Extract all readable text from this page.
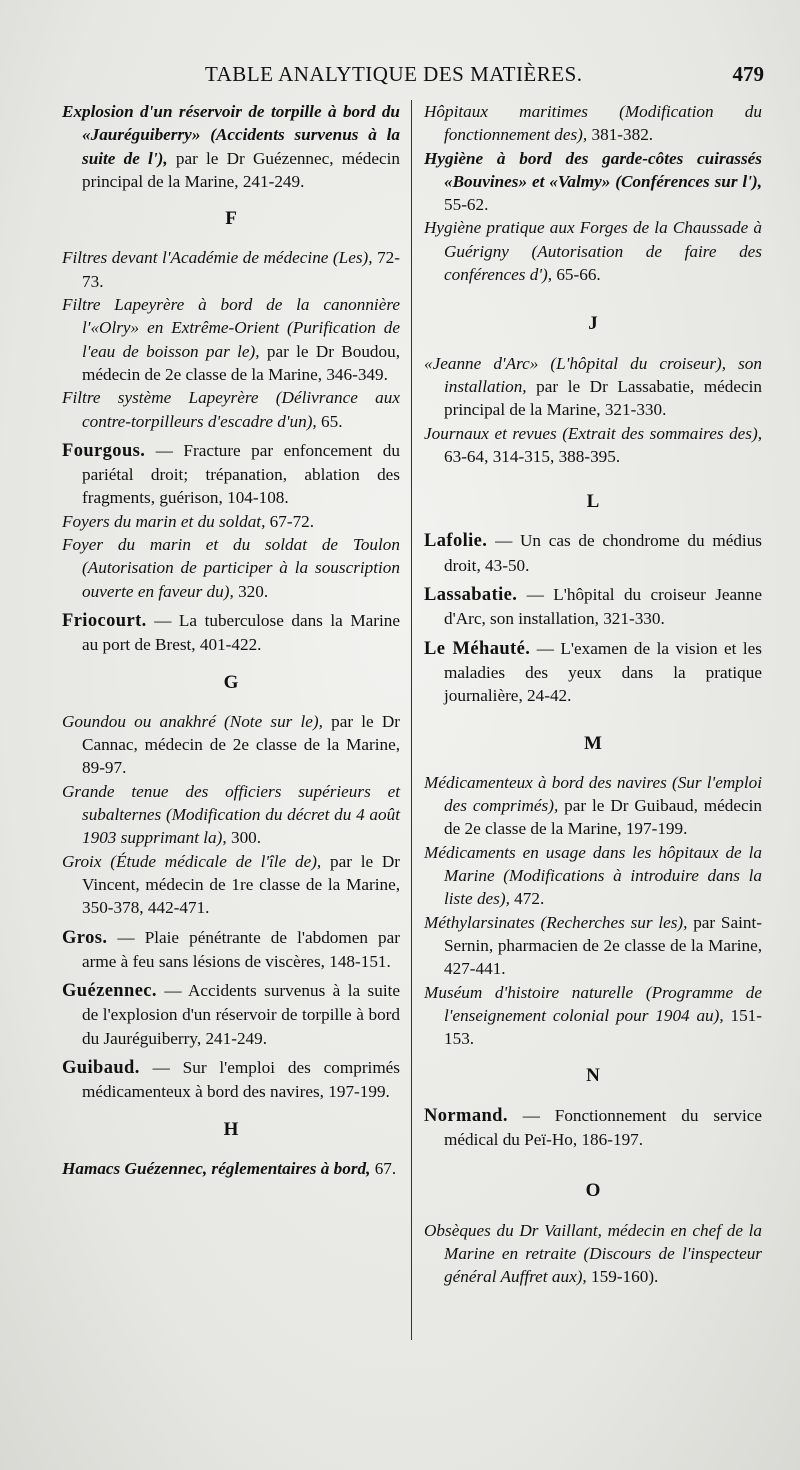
TABLE ANALYTIQUE DES MATIÈRES.	479

Explosion d'un réservoir de torpille à bord du «Jauréguiberry» (Accidents survenus à la suite de l'), par le Dr Guézennec, médecin principal de la Marine, 241-249.

F

Filtres devant l'Académie de médecine (Les), 72-73.

Filtre Lapeyrère à bord de la canonnière l'«Olry» en Extrême-Orient (Purification de l'eau de boisson par le), par le Dr Boudou, médecin de 2e classe de la Marine, 346-349.

Filtre système Lapeyrère (Délivrance aux contre-torpilleurs d'escadre d'un), 65.

Fourgous. — Fracture par enfoncement du pariétal droit; trépanation, ablation des fragments, guérison, 104-108.

Foyers du marin et du soldat, 67-72.

Foyer du marin et du soldat de Toulon (Autorisation de participer à la souscription ouverte en faveur du), 320.

Friocourt. — La tuberculose dans la Marine au port de Brest, 401-422.

G

Goundou ou anakhré (Note sur le), par le Dr Cannac, médecin de 2e classe de la Marine, 89-97.

Grande tenue des officiers supérieurs et subalternes (Modification du décret du 4 août 1903 supprimant la), 300.

Groix (Étude médicale de l'île de), par le Dr Vincent, médecin de 1re classe de la Marine, 350-378, 442-471.

Gros. — Plaie pénétrante de l'abdomen par arme à feu sans lésions de viscères, 148-151.

Guézennec. — Accidents survenus à la suite de l'explosion d'un réservoir de torpille à bord du Jauréguiberry, 241-249.

Guibaud. — Sur l'emploi des comprimés médicamenteux à bord des navires, 197-199.

H

Hamacs Guézennec, réglementaires à bord, 67.

Hôpitaux maritimes (Modification du fonctionnement des), 381-382.

Hygiène à bord des garde-côtes cuirassés «Bouvines» et «Valmy» (Conférences sur l'), 55-62.

Hygiène pratique aux Forges de la Chaussade à Guérigny (Autorisation de faire des conférences d'), 65-66.

J

«Jeanne d'Arc» (L'hôpital du croiseur), son installation, par le Dr Lassabatie, médecin principal de la Marine, 321-330.

Journaux et revues (Extrait des sommaires des), 63-64, 314-315, 388-395.

L

Lafolie. — Un cas de chondrome du médius droit, 43-50.

Lassabatie. — L'hôpital du croiseur Jeanne d'Arc, son installation, 321-330.

Le Méhauté. — L'examen de la vision et les maladies des yeux dans la pratique journalière, 24-42.

M

Médicamenteux à bord des navires (Sur l'emploi des comprimés), par le Dr Guibaud, médecin de 2e classe de la Marine, 197-199.

Médicaments en usage dans les hôpitaux de la Marine (Modifications à introduire dans la liste des), 472.

Méthylarsinates (Recherches sur les), par Saint-Sernin, pharmacien de 2e classe de la Marine, 427-441.

Muséum d'histoire naturelle (Programme de l'enseignement colonial pour 1904 au), 151-153.

N

Normand. — Fonctionnement du service médical du Peï-Ho, 186-197.

O

Obsèques du Dr Vaillant, médecin en chef de la Marine en retraite (Discours de l'inspecteur général Auffret aux), 159-160).
